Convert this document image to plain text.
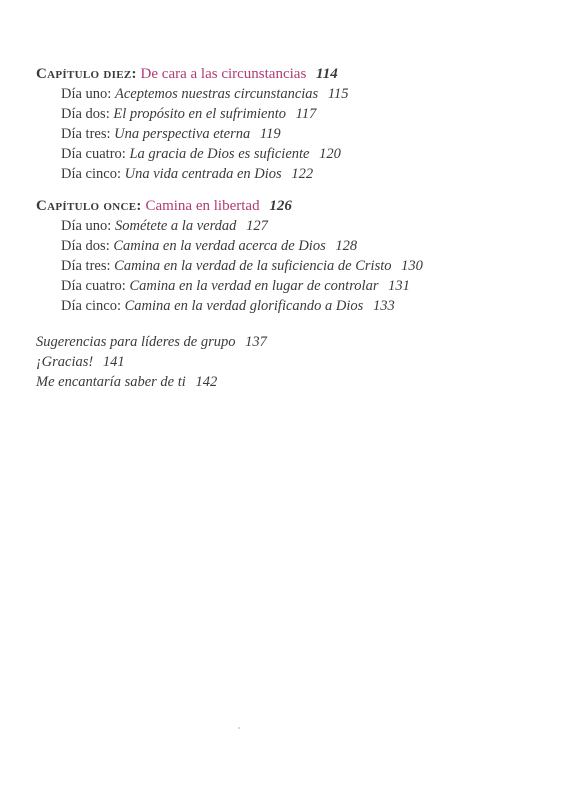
Capítulo diez: De cara a las circunstancias 114
Día uno: Aceptemos nuestras circunstancias 115
Día dos: El propósito en el sufrimiento 117
Día tres: Una perspectiva eterna 119
Día cuatro: La gracia de Dios es suficiente 120
Día cinco: Una vida centrada en Dios 122
Capítulo once: Camina en libertad 126
Día uno: Sométete a la verdad 127
Día dos: Camina en la verdad acerca de Dios 128
Día tres: Camina en la verdad de la suficiencia de Cristo 130
Día cuatro: Camina en la verdad en lugar de controlar 131
Día cinco: Camina en la verdad glorificando a Dios 133
Sugerencias para líderes de grupo 137
¡Gracias! 141
Me encantaría saber de ti 142
